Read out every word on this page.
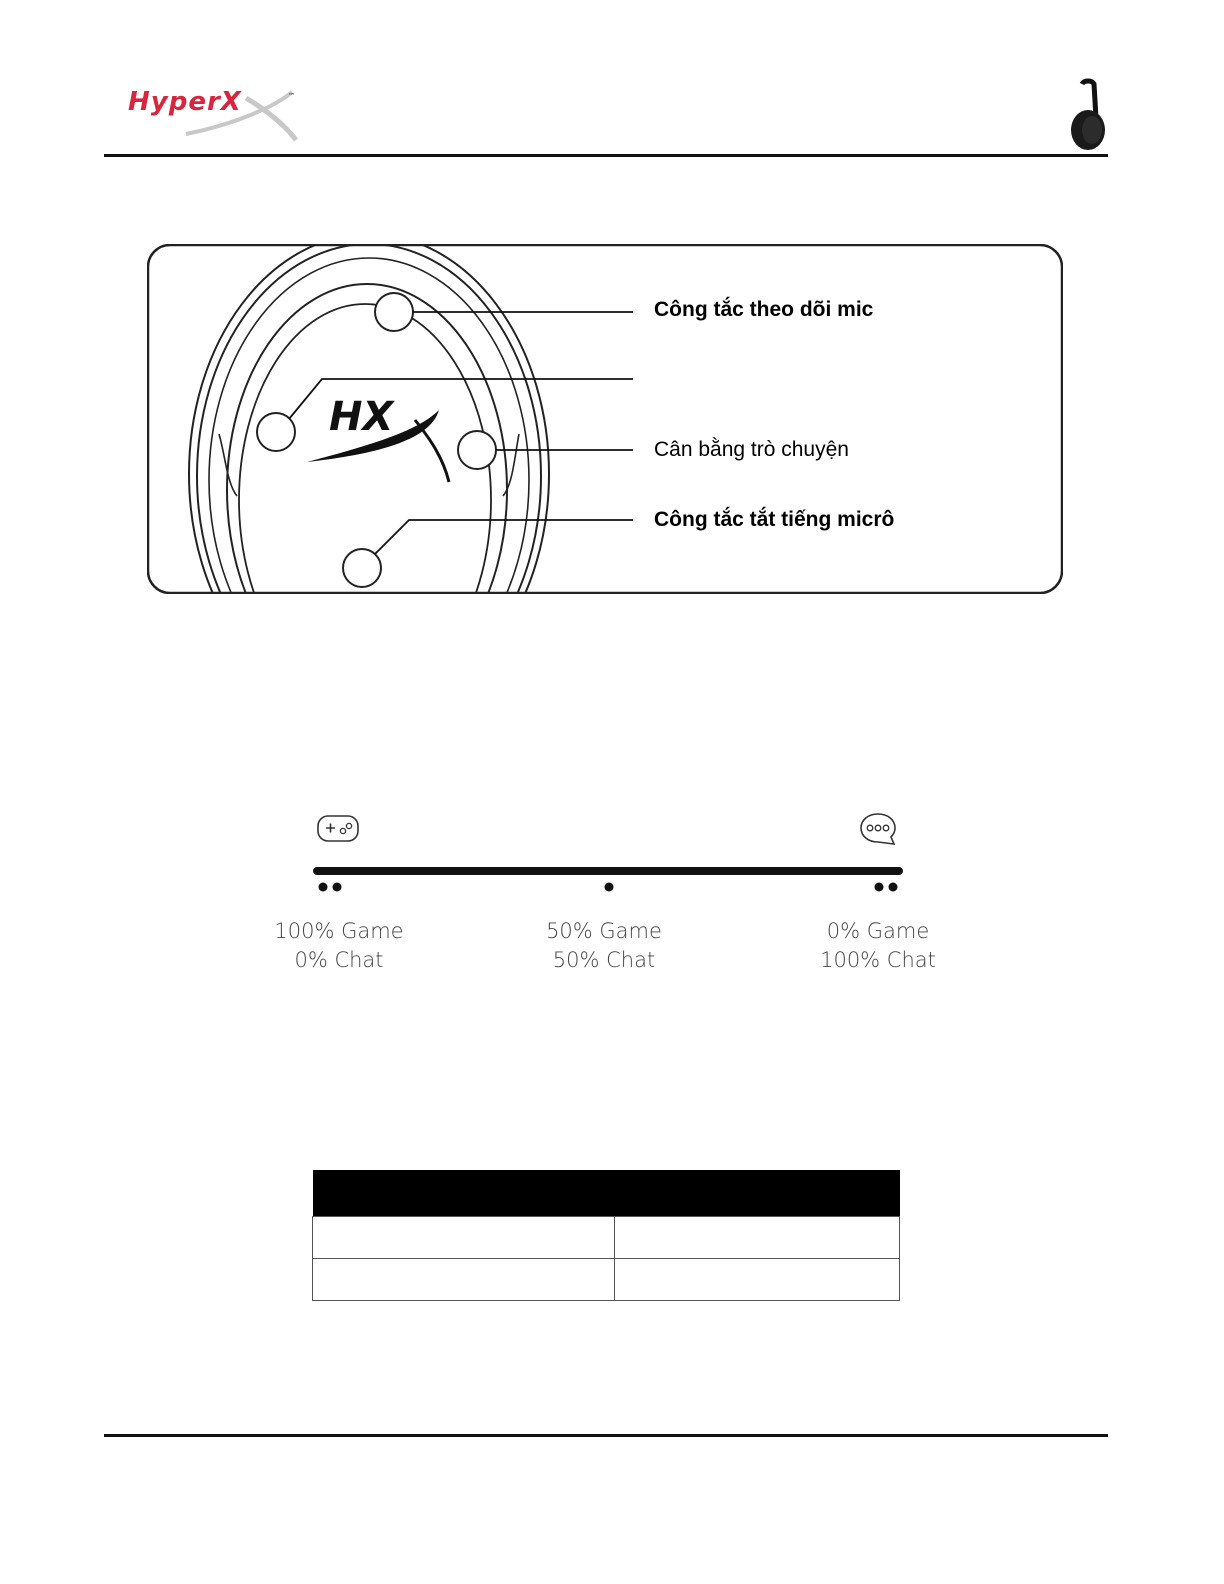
HyperX	™
HX
Công tắc theo dõi mic
Cân bằng trò chuyện
Công tắc tắt tiếng micrô
100% Game
0% Chat
50% Game
50% Chat
0% Game
100% Chat
